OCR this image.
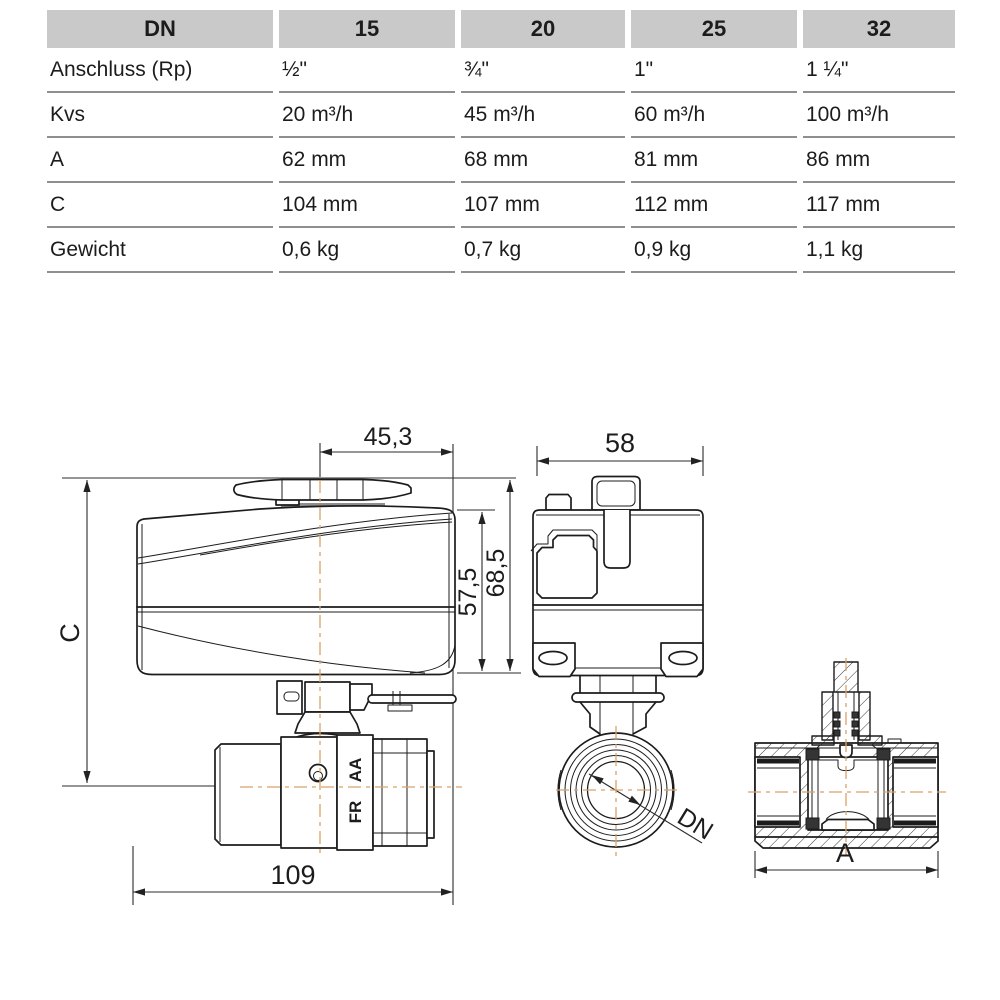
DN	15	20	25	32
Anschluss (Rp)	½"	¾"	1"	1 ¼"
Kvs	20 m³/h	45 m³/h	60 m³/h	100 m³/h
A	62 mm	68 mm	81 mm	86 mm
C	104 mm	107 mm	112 mm	117 mm
Gewicht	0,6 kg	0,7 kg	0,9 kg	1,1 kg
45,3
C
57,5 68,5
109
AA
FR
58
DN
A
